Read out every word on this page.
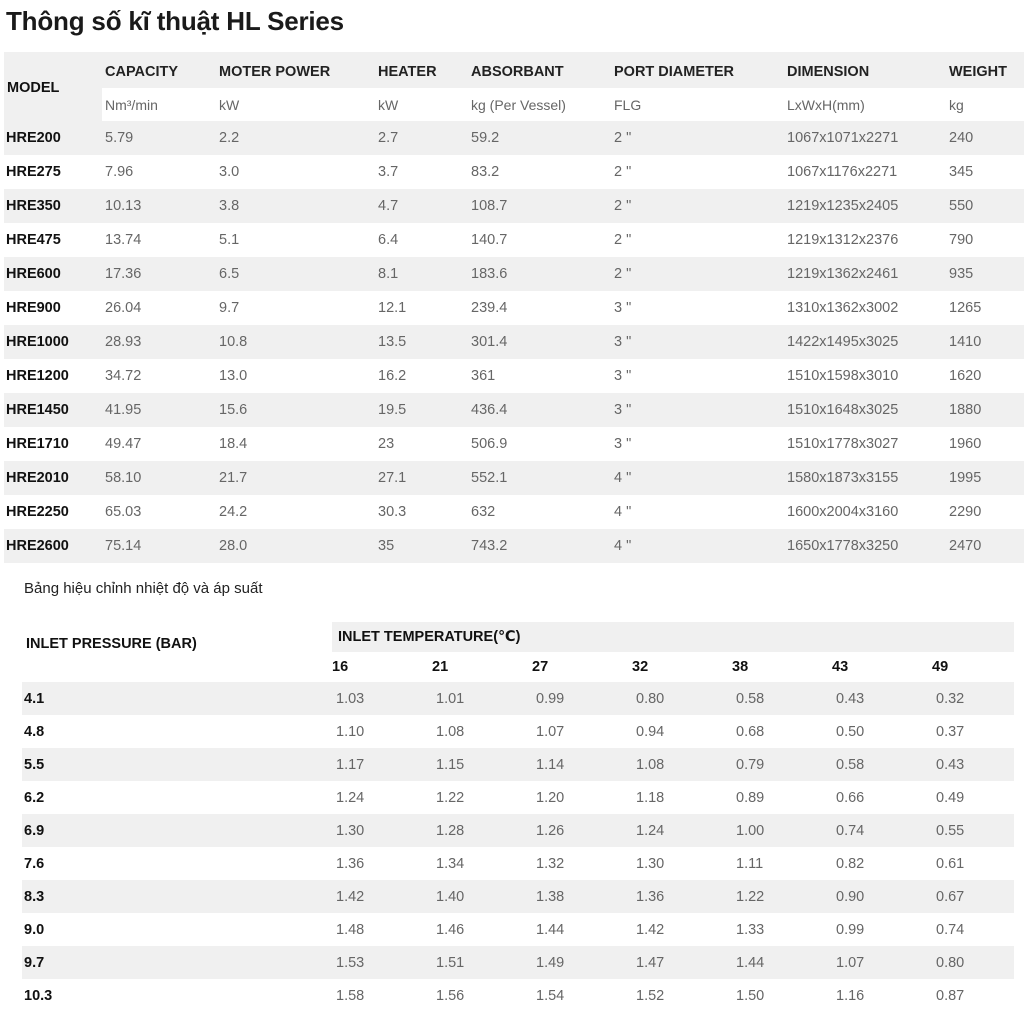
Thông số kĩ thuật HL Series
MODEL	CAPACITY	MOTER POWER	HEATER	ABSORBANT	PORT DIAMETER	DIMENSION	WEIGHT
	Nm³/min	kW	kW	kg (Per Vessel)	FLG	LxWxH(mm)	kg
HRE200	5.79	2.2	2.7	59.2	2 "	1067x1071x2271	240
HRE275	7.96	3.0	3.7	83.2	2 "	1067x1176x2271	345
HRE350	10.13	3.8	4.7	108.7	2 "	1219x1235x2405	550
HRE475	13.74	5.1	6.4	140.7	2 "	1219x1312x2376	790
HRE600	17.36	6.5	8.1	183.6	2 "	1219x1362x2461	935
HRE900	26.04	9.7	12.1	239.4	3 "	1310x1362x3002	1265
HRE1000	28.93	10.8	13.5	301.4	3 "	1422x1495x3025	1410
HRE1200	34.72	13.0	16.2	361	3 "	1510x1598x3010	1620
HRE1450	41.95	15.6	19.5	436.4	3 "	1510x1648x3025	1880
HRE1710	49.47	18.4	23	506.9	3 "	1510x1778x3027	1960
HRE2010	58.10	21.7	27.1	552.1	4 "	1580x1873x3155	1995
HRE2250	65.03	24.2	30.3	632	4 "	1600x2004x3160	2290
HRE2600	75.14	28.0	35	743.2	4 "	1650x1778x3250	2470

Bảng hiệu chỉnh nhiệt độ và áp suất

INLET PRESSURE (BAR)	INLET TEMPERATURE(℃)						
	16	21	27	32	38	43	49
4.1	1.03	1.01	0.99	0.80	0.58	0.43	0.32
4.8	1.10	1.08	1.07	0.94	0.68	0.50	0.37
5.5	1.17	1.15	1.14	1.08	0.79	0.58	0.43
6.2	1.24	1.22	1.20	1.18	0.89	0.66	0.49
6.9	1.30	1.28	1.26	1.24	1.00	0.74	0.55
7.6	1.36	1.34	1.32	1.30	1.11	0.82	0.61
8.3	1.42	1.40	1.38	1.36	1.22	0.90	0.67
9.0	1.48	1.46	1.44	1.42	1.33	0.99	0.74
9.7	1.53	1.51	1.49	1.47	1.44	1.07	0.80
10.3	1.58	1.56	1.54	1.52	1.50	1.16	0.87
